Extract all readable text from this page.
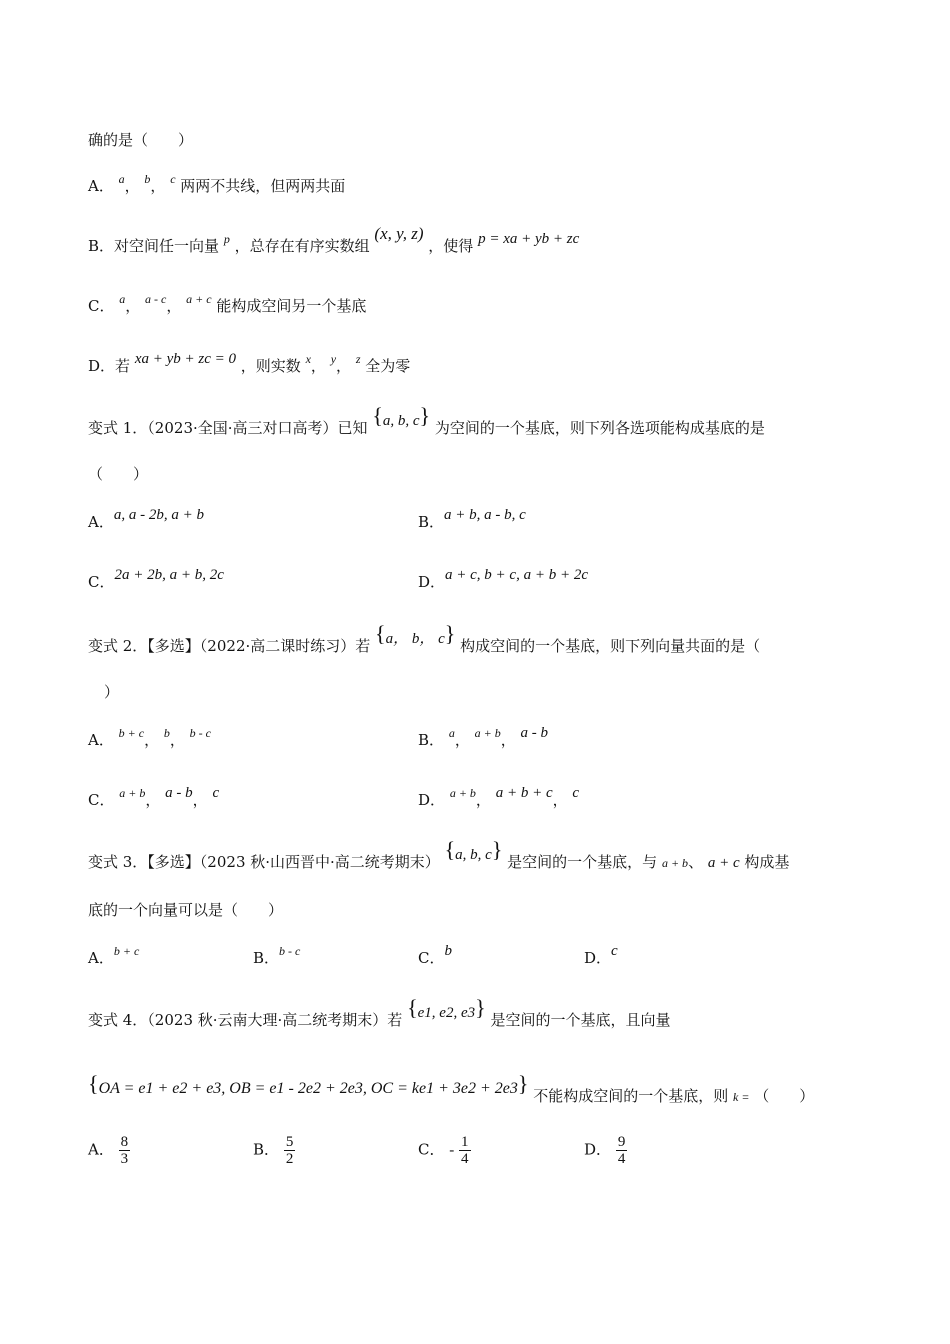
确的是（　　）
A． $^a$， $^b$， $^c$ 两两不共线，但两两共面
B．对空间任一向量 $^p$ ，总存在有序实数组 (x, y, z) ，使得 p = xa + yb + zc
C． $^a$， $^{a - c}$， $^{a + c}$ 能构成空间另一个基底
D．若 xa + yb + zc = 0 ，则实数 $^x$， $^y$， $^z$ 全为零
变式 1．（2023·全国·高三对口高考）已知 {a, b, c} 为空间的一个基底，则下列各选项能构成基底的是
（　　）
A．a, a - 2b, a + b	B．a + b, a - b, c
C．2a + 2b, a + b, 2c	D．a + c, b + c, a + b + 2c
变式 2．【多选】（2022·高二课时练习）若 {a， b， c} 构成空间的一个基底，则下列向量共面的是（
）
A． $^{b + c}$， $^b$， $^{b - c}$	B． $^a$， $^{a + b}$， a - b
C． $^{a + b}$， a - b， c	D． $^{a + b}$， a + b + c， c
变式 3．【多选】（2023 秋·山西晋中·高二统考期末） {a, b, c} 是空间的一个基底，与 a + b、 a + c 构成基
底的一个向量可以是（　　）
A．$^{b + c}$	B．$^{b - c}$	C．b	D．c
变式 4．（2023 秋·云南大理·高二统考期末）若 {e1, e2, e3} 是空间的一个基底，且向量
{OA = e1 + e2 + e3, OB = e1 - 2e2 + 2e3, OC = ke1 + 3e2 + 2e3} 不能构成空间的一个基底，则 k = （　　）
A． $\frac{8}{3}$	B． $\frac{5}{2}$	C． - $\frac{1}{4}$	D． $\frac{9}{4}$
